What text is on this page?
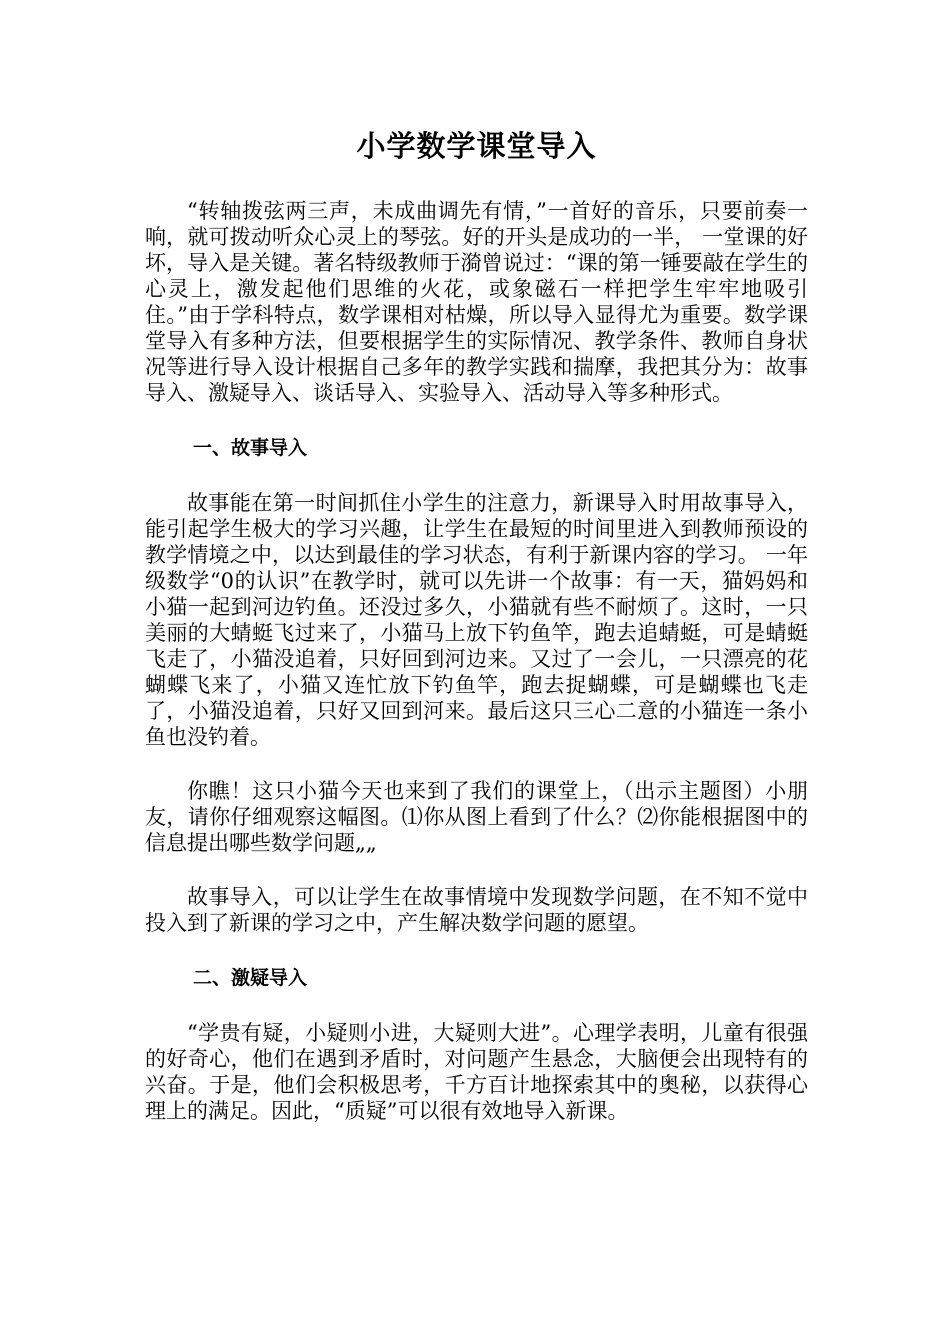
小学数学课堂导入

“转轴拨弦两三声，未成曲调先有情，”一首好的音乐，只要前奏一响，就可拨动听众心灵上的琴弦。好的开头是成功的一半， 一堂课的好坏，导入是关键。著名特级教师于漪曾说过：“课的第一锤要敲在学生的心灵上，激发起他们思维的火花，或象磁石一样把学生牢牢地吸引住。”由于学科特点，数学课相对枯燥，所以导入显得尤为重要。数学课堂导入有多种方法，但要根据学生的实际情况、教学条件、教师自身状况等进行导入设计根据自己多年的教学实践和揣摩，我把其分为：故事导入、激疑导入、谈话导入、实验导入、活动导入等多种形式。

一、故事导入

故事能在第一时间抓住小学生的注意力，新课导入时用故事导入，能引起学生极大的学习兴趣，让学生在最短的时间里进入到教师预设的教学情境之中，以达到最佳的学习状态，有利于新课内容的学习。 一年级数学“0的认识”在教学时，就可以先讲一个故事：有一天，猫妈妈和小猫一起到河边钓鱼。还没过多久，小猫就有些不耐烦了。这时，一只美丽的大蜻蜓飞过来了，小猫马上放下钓鱼竿，跑去追蜻蜓，可是蜻蜓飞走了，小猫没追着，只好回到河边来。又过了一会儿，一只漂亮的花蝴蝶飞来了，小猫又连忙放下钓鱼竿，跑去捉蝴蝶，可是蝴蝶也飞走了，小猫没追着，只好又回到河来。最后这只三心二意的小猫连一条小鱼也没钓着。

你瞧！这只小猫今天也来到了我们的课堂上，（出示主题图）小朋友，请你仔细观察这幅图。⑴你从图上看到了什么？⑵你能根据图中的信息提出哪些数学问题„„

故事导入，可以让学生在故事情境中发现数学问题，在不知不觉中投入到了新课的学习之中，产生解决数学问题的愿望。

二、激疑导入

“学贵有疑，小疑则小进，大疑则大进”。心理学表明，儿童有很强的好奇心，他们在遇到矛盾时，对问题产生悬念，大脑便会出现特有的兴奋。于是，他们会积极思考，千方百计地探索其中的奥秘，以获得心理上的满足。因此，“质疑”可以很有效地导入新课。
